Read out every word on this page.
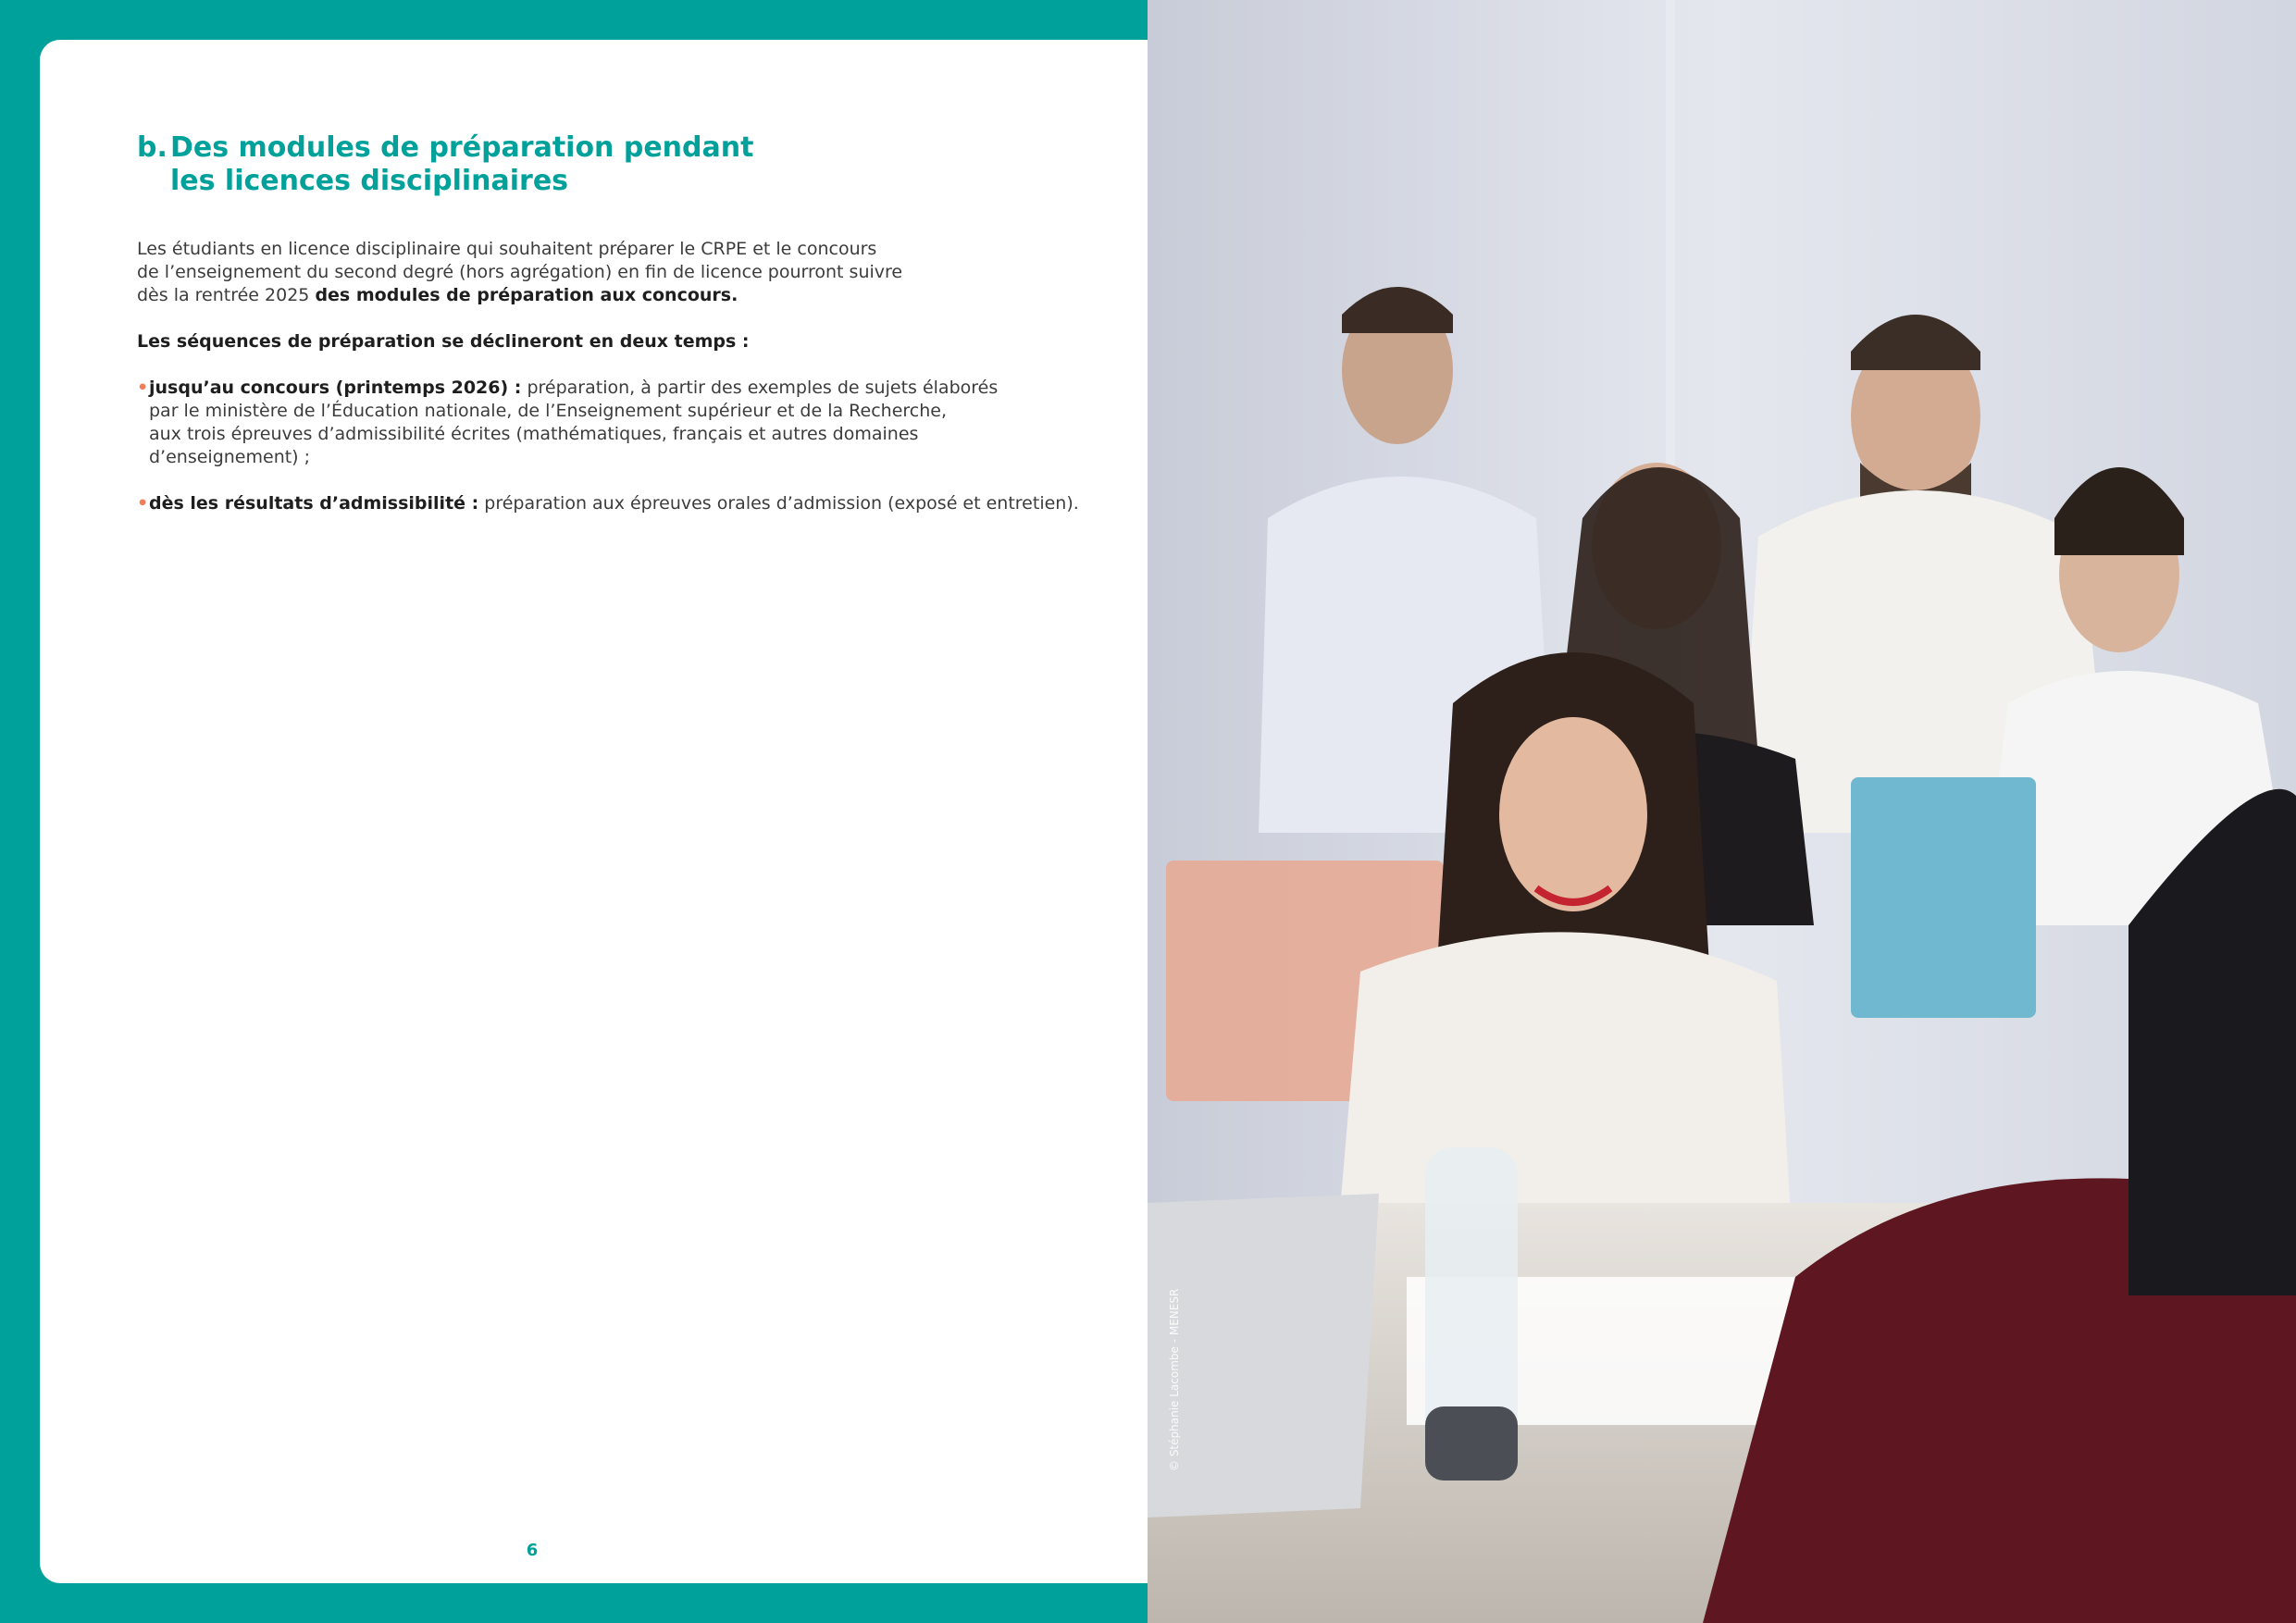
b. Des modules de préparation pendant
les licences disciplinaires

Les étudiants en licence disciplinaire qui souhaitent préparer le CRPE et le concours
de l’enseignement du second degré (hors agrégation) en fin de licence pourront suivre
dès la rentrée 2025 des modules de préparation aux concours.

Les séquences de préparation se déclineront en deux temps :

• jusqu’au concours (printemps 2026) : préparation, à partir des exemples de sujets élaborés
par le ministère de l’Éducation nationale, de l’Enseignement supérieur et de la Recherche,
aux trois épreuves d’admissibilité écrites (mathématiques, français et autres domaines
d’enseignement) ;
• dès les résultats d’admissibilité : préparation aux épreuves orales d’admission (exposé et entretien).
6
© Stéphanie Lacombe - MENESR
